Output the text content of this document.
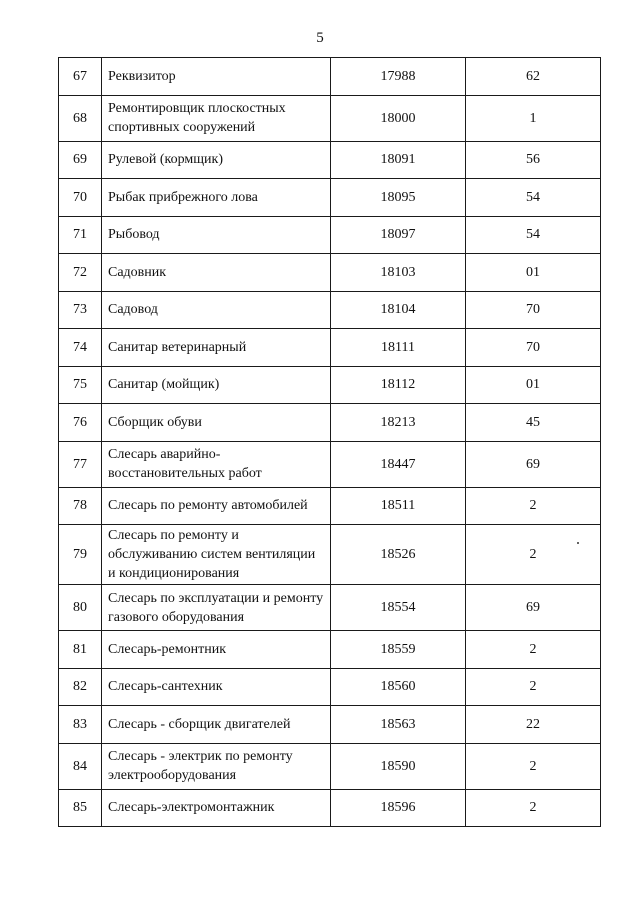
5
67	Реквизитор	17988	62
68	Ремонтировщик плоскостных спортивных сооружений	18000	1
69	Рулевой (кормщик)	18091	56
70	Рыбак прибрежного лова	18095	54
71	Рыбовод	18097	54
72	Садовник	18103	01
73	Садовод	18104	70
74	Санитар ветеринарный	18111	70
75	Санитар (мойщик)	18112	01
76	Сборщик обуви	18213	45
77	Слесарь аварийно-восстановительных работ	18447	69
78	Слесарь по ремонту автомобилей	18511	2
79	Слесарь по ремонту и обслуживанию систем вентиляции и кондиционирования	18526	2
80	Слесарь по эксплуатации и ремонту газового оборудования	18554	69
81	Слесарь-ремонтник	18559	2
82	Слесарь-сантехник	18560	2
83	Слесарь - сборщик двигателей	18563	22
84	Слесарь - электрик по ремонту электрооборудования	18590	2
85	Слесарь-электромонтажник	18596	2
